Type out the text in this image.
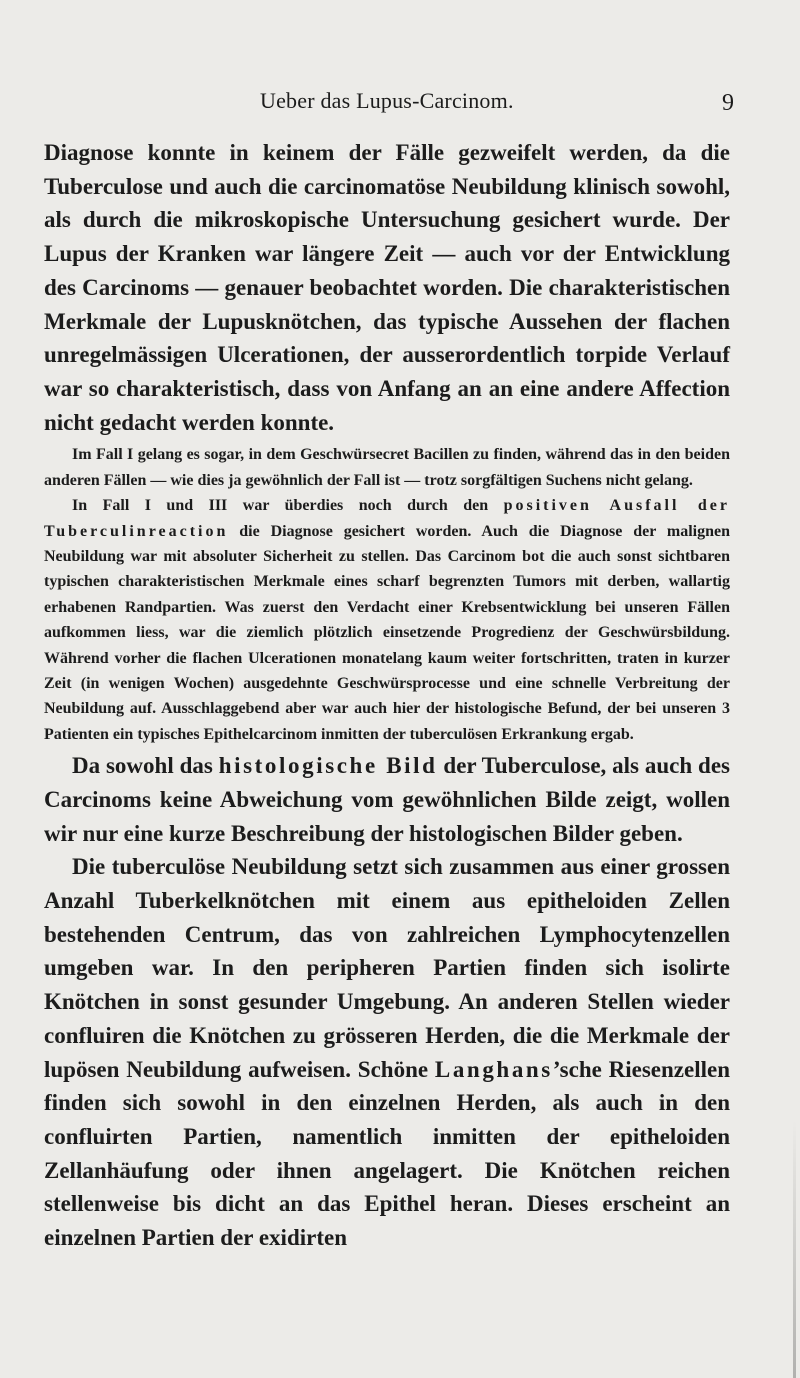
Ueber das Lupus-Carcinom.	9

Diagnose konnte in keinem der Fälle gezweifelt werden, da die Tuberculose und auch die carcinomatöse Neubildung klinisch sowohl, als durch die mikroskopische Untersuchung gesichert wurde. Der Lupus der Kranken war längere Zeit — auch vor der Entwicklung des Carcinoms — genauer beobachtet worden. Die charakteristischen Merkmale der Lupusknötchen, das typische Aussehen der flachen unregelmässigen Ulcerationen, der ausserordentlich torpide Verlauf war so charakteristisch, dass von Anfang an an eine andere Affection nicht gedacht werden konnte.

Im Fall I gelang es sogar, in dem Geschwürsecret Bacillen zu finden, während das in den beiden anderen Fällen — wie dies ja gewöhnlich der Fall ist — trotz sorgfältigen Suchens nicht gelang.

In Fall I und III war überdies noch durch den positiven Ausfall der Tuberculinreaction die Diagnose gesichert worden. Auch die Diagnose der malignen Neubildung war mit absoluter Sicherheit zu stellen. Das Carcinom bot die auch sonst sichtbaren typischen charakteristischen Merkmale eines scharf begrenzten Tumors mit derben, wallartig erhabenen Randpartien. Was zuerst den Verdacht einer Krebsentwicklung bei unseren Fällen aufkommen liess, war die ziemlich plötzlich einsetzende Progredienz der Geschwürsbildung. Während vorher die flachen Ulcerationen monatelang kaum weiter fortschritten, traten in kurzer Zeit (in wenigen Wochen) ausgedehnte Geschwürsprocesse und eine schnelle Verbreitung der Neubildung auf. Ausschlaggebend aber war auch hier der histologische Befund, der bei unseren 3 Patienten ein typisches Epithelcarcinom inmitten der tuberculösen Erkrankung ergab.

Da sowohl das histologische Bild der Tuberculose, als auch des Carcinoms keine Abweichung vom gewöhnlichen Bilde zeigt, wollen wir nur eine kurze Beschreibung der histologischen Bilder geben.

Die tuberculöse Neubildung setzt sich zusammen aus einer grossen Anzahl Tuberkelknötchen mit einem aus epitheloiden Zellen bestehenden Centrum, das von zahlreichen Lymphocytenzellen umgeben war. In den peripheren Partien finden sich isolirte Knötchen in sonst gesunder Umgebung. An anderen Stellen wieder confluiren die Knötchen zu grösseren Herden, die die Merkmale der lupösen Neubildung aufweisen. Schöne Langhans’sche Riesenzellen finden sich sowohl in den einzelnen Herden, als auch in den confluirten Partien, namentlich inmitten der epitheloiden Zellanhäufung oder ihnen angelagert. Die Knötchen reichen stellenweise bis dicht an das Epithel heran. Dieses erscheint an einzelnen Partien der exidirten
